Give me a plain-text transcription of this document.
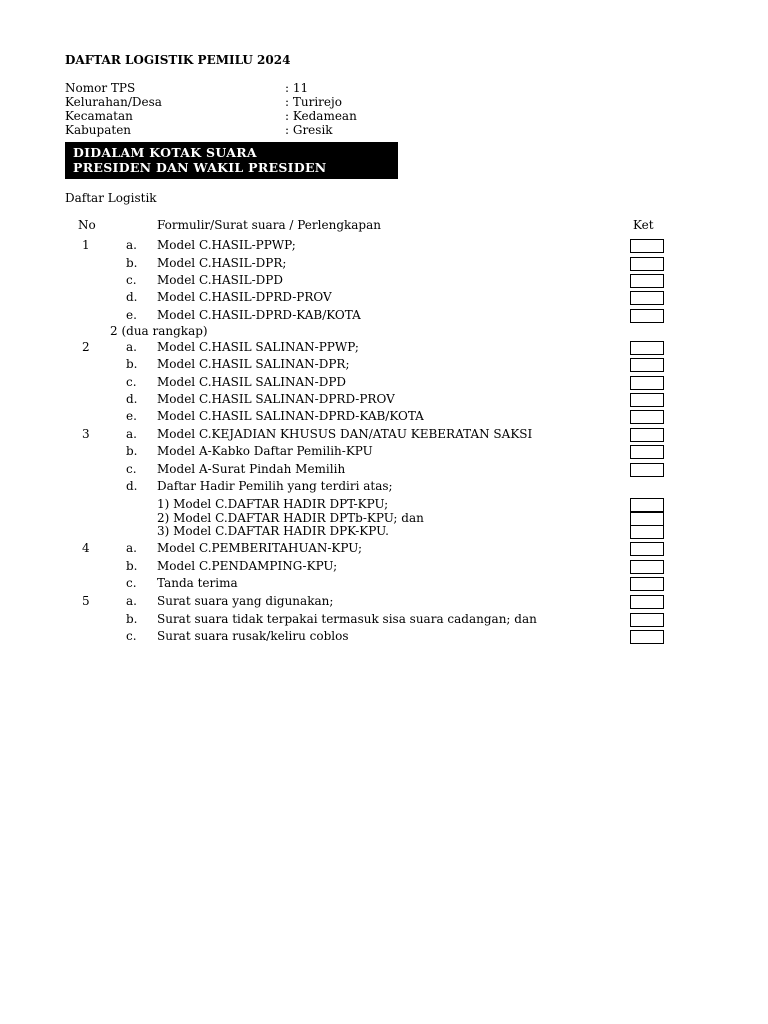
DAFTAR LOGISTIK PEMILU 2024
Nomor TPS	: 11
Kelurahan/Desa	: Turirejo
Kecamatan	: Kedamean
Kabupaten	: Gresik
DIDALAM KOTAK SUARA
PRESIDEN DAN WAKIL PRESIDEN
Daftar Logistik
No	Formulir/Surat suara / Perlengkapan	Ket
1	a. Model C.HASIL-PPWP;
b. Model C.HASIL-DPR;
c. Model C.HASIL-DPD
d. Model C.HASIL-DPRD-PROV
e. Model C.HASIL-DPRD-KAB/KOTA
2 (dua rangkap)
2	a. Model C.HASIL SALINAN-PPWP;
b. Model C.HASIL SALINAN-DPR;
c. Model C.HASIL SALINAN-DPD
d. Model C.HASIL SALINAN-DPRD-PROV
e. Model C.HASIL SALINAN-DPRD-KAB/KOTA
3	a. Model C.KEJADIAN KHUSUS DAN/ATAU KEBERATAN SAKSI
b. Model A-Kabko Daftar Pemilih-KPU
c. Model A-Surat Pindah Memilih
d. Daftar Hadir Pemilih yang terdiri atas;
1) Model C.DAFTAR HADIR DPT-KPU;
2) Model C.DAFTAR HADIR DPTb-KPU; dan
3) Model C.DAFTAR HADIR DPK-KPU.
4	a. Model C.PEMBERITAHUAN-KPU;
b. Model C.PENDAMPING-KPU;
c. Tanda terima
5	a. Surat suara yang digunakan;
b. Surat suara tidak terpakai termasuk sisa suara cadangan; dan
c. Surat suara rusak/keliru coblos
